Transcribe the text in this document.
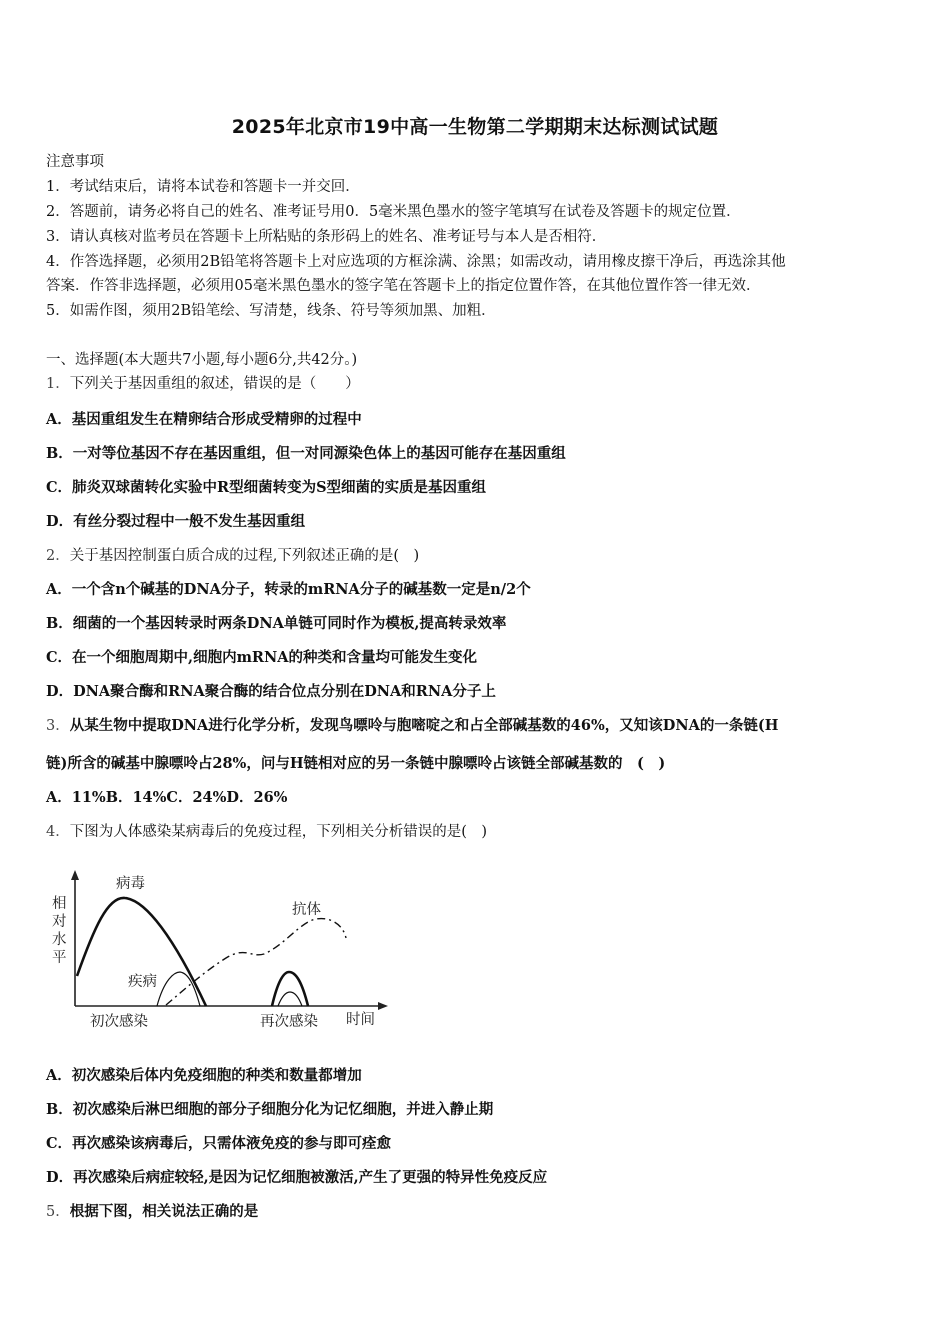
2025年北京市19中高一生物第二学期期末达标测试试题
注意事项
1．考试结束后，请将本试卷和答题卡一并交回．
2．答题前，请务必将自己的姓名、准考证号用0．5毫米黑色墨水的签字笔填写在试卷及答题卡的规定位置．
3．请认真核对监考员在答题卡上所粘贴的条形码上的姓名、准考证号与本人是否相符．
4．作答选择题，必须用2B铅笔将答题卡上对应选项的方框涂满、涂黑；如需改动，请用橡皮擦干净后，再选涂其他
答案．作答非选择题，必须用05毫米黑色墨水的签字笔在答题卡上的指定位置作答，在其他位置作答一律无效．
5．如需作图，须用2B铅笔绘、写清楚，线条、符号等须加黑、加粗．
一、选择题(本大题共7小题,每小题6分,共42分。)
1．下列关于基因重组的叙述，错误的是（　　）
A．基因重组发生在精卵结合形成受精卵的过程中
B．一对等位基因不存在基因重组，但一对同源染色体上的基因可能存在基因重组
C．肺炎双球菌转化实验中R型细菌转变为S型细菌的实质是基因重组
D．有丝分裂过程中一般不发生基因重组
2．关于基因控制蛋白质合成的过程,下列叙述正确的是(　)
A．一个含n个碱基的DNA分子，转录的mRNA分子的碱基数一定是n/2个
B．细菌的一个基因转录时两条DNA单链可同时作为模板,提高转录效率
C．在一个细胞周期中,细胞内mRNA的种类和含量均可能发生变化
D．DNA聚合酶和RNA聚合酶的结合位点分别在DNA和RNA分子上
3．从某生物中提取DNA进行化学分析，发现鸟嘌呤与胞嘧啶之和占全部碱基数的46%，又知该DNA的一条链(H
链)所含的碱基中腺嘌呤占28%，问与H链相对应的另一条链中腺嘌呤占该链全部碱基数的　(　)
A．11%B．14%C．24%D．26%
4．下图为人体感染某病毒后的免疫过程，下列相关分析错误的是(　)
相
对
水
平
病毒
抗体
疾病
初次感染	再次感染 时间
A．初次感染后体内免疫细胞的种类和数量都增加
B．初次感染后淋巴细胞的部分子细胞分化为记忆细胞，并进入静止期
C．再次感染该病毒后，只需体液免疫的参与即可痊愈
D．再次感染后病症较轻,是因为记忆细胞被激活,产生了更强的特异性免疫反应
5．根据下图，相关说法正确的是
